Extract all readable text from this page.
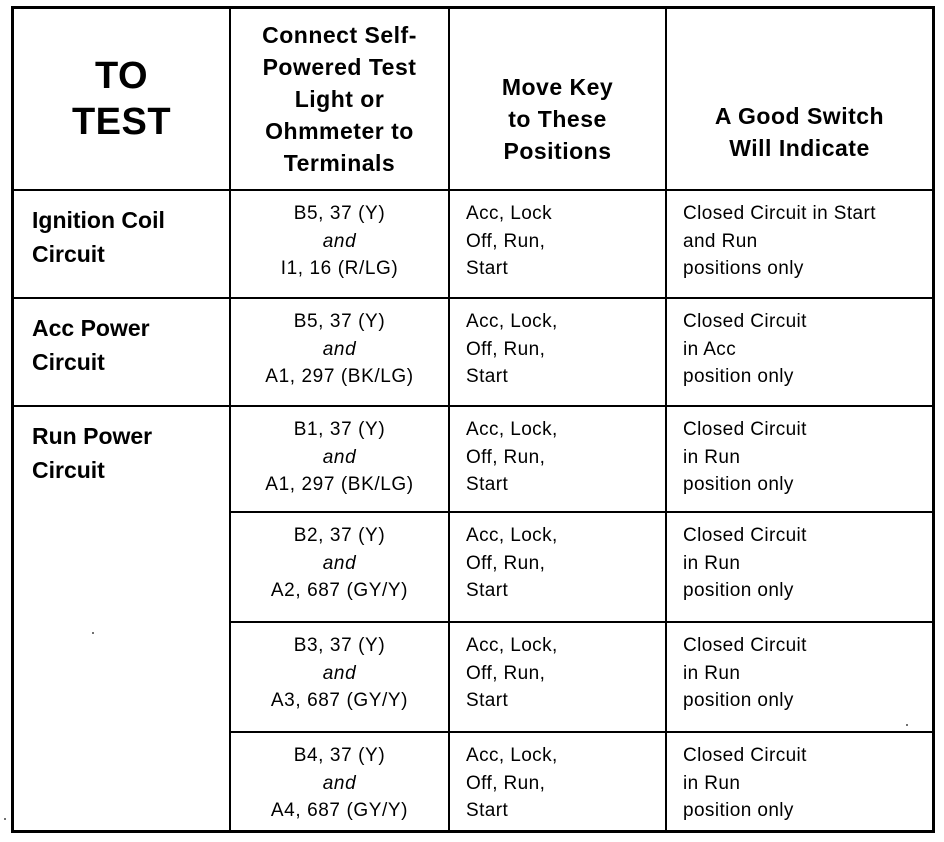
TO
TEST
Connect Self-
Powered Test
Light or
Ohmmeter to
Terminals
Move Key
to These
Positions
A Good Switch
Will Indicate
Ignition Coil
Circuit
Acc Power
Circuit
Run Power
Circuit
B5, 37 (Y)
and
I1, 16 (R/LG)
Acc, Lock
Off, Run,
Start
Closed Circuit in Start
and Run
positions only
B5, 37 (Y)
and
A1, 297 (BK/LG)
Acc, Lock,
Off, Run,
Start
Closed Circuit
in Acc
position only
B1, 37 (Y)
and
A1, 297 (BK/LG)
Acc, Lock,
Off, Run,
Start
Closed Circuit
in Run
position only
B2, 37 (Y)
and
A2, 687 (GY/Y)
Acc, Lock,
Off, Run,
Start
Closed Circuit
in Run
position only
B3, 37 (Y)
and
A3, 687 (GY/Y)
Acc, Lock,
Off, Run,
Start
Closed Circuit
in Run
position only
B4, 37 (Y)
and
A4, 687 (GY/Y)
Acc, Lock,
Off, Run,
Start
Closed Circuit
in Run
position only
